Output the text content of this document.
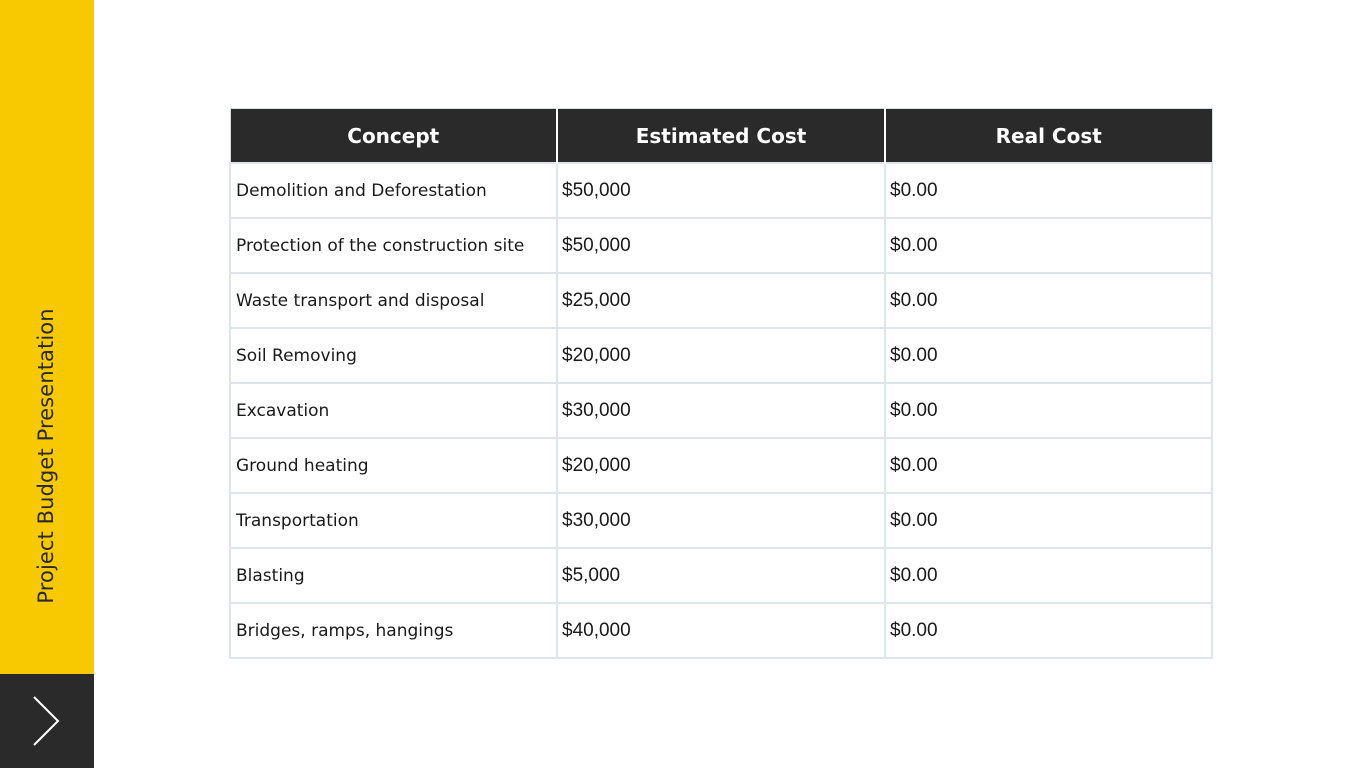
Project Budget Presentation
Concept	Estimated Cost	Real Cost
Demolition and Deforestation	$50,000	$0.00
Protection of the construction site	$50,000	$0.00
Waste transport and disposal	$25,000	$0.00
Soil Removing	$20,000	$0.00
Excavation	$30,000	$0.00
Ground heating	$20,000	$0.00
Transportation	$30,000	$0.00
Blasting	$5,000	$0.00
Bridges, ramps, hangings	$40,000	$0.00
